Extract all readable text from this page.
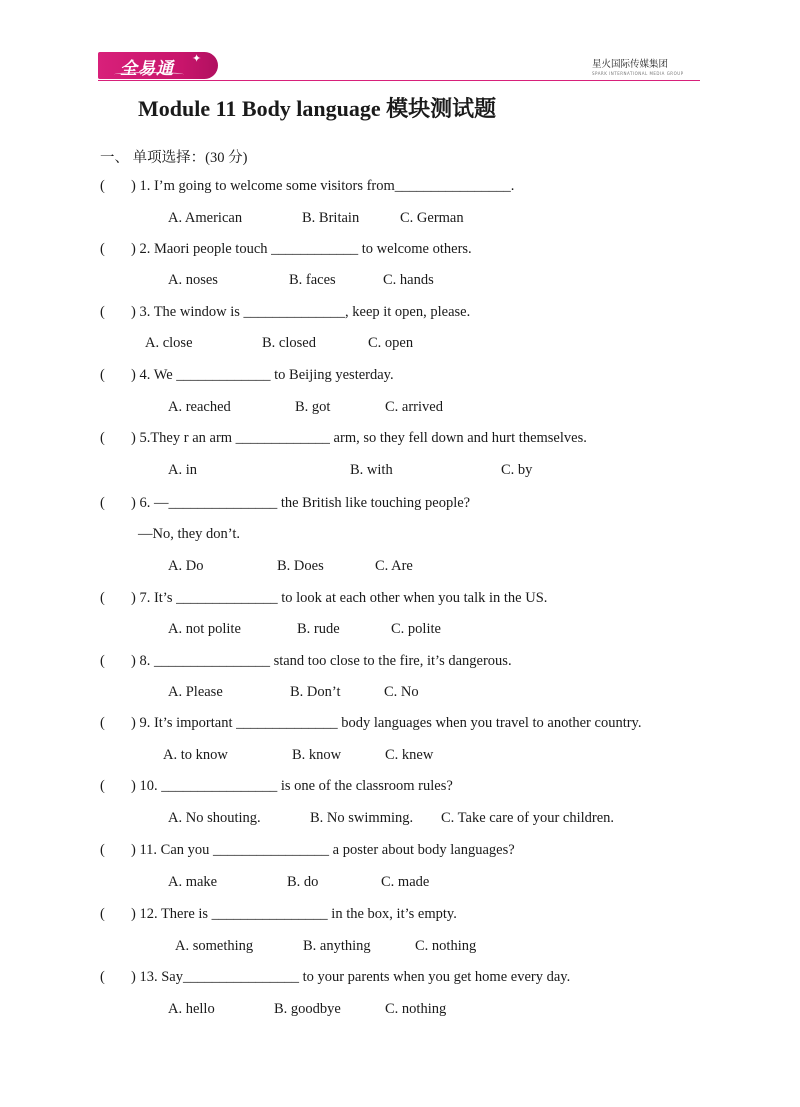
全易通 ✦	星火国际传媒集团
SPARK INTERNATIONAL MEDIA GROUP
Module 11 Body language 模块测试题
一、 单项选择：(30 分)
( ) 1. I’m going to welcome some visitors from________________.
A. American	B. Britain	C. German
( ) 2. Maori people touch ____________ to welcome others.
A. noses	B. faces	C. hands
( ) 3. The window is ______________, keep it open, please.
A. close	B. closed	C. open
( ) 4. We _____________ to Beijing yesterday.
A. reached	B. got	C. arrived
( ) 5.They r an arm _____________ arm, so they fell down and hurt themselves.
A. in	B. with	C. by
( ) 6. —_______________ the British like touching people?
—No, they don’t.
A. Do	B. Does	C. Are
( ) 7. It’s ______________ to look at each other when you talk in the US.
A. not polite	B. rude	C. polite
( ) 8. ________________ stand too close to the fire, it’s dangerous.
A. Please	B. Don’t	C. No
( ) 9. It’s important ______________ body languages when you travel to another country.
A. to know	B. know	C. knew
( ) 10. ________________ is one of the classroom rules?
A. No shouting.	B. No swimming. C. Take care of your children.
( ) 11. Can you ________________ a poster about body languages?
A. make	B. do	C. made
( ) 12. There is ________________ in the box, it’s empty.
A. something	B. anything	C. nothing
( ) 13. Say________________ to your parents when you get home every day.
A. hello	B. goodbye	C. nothing
